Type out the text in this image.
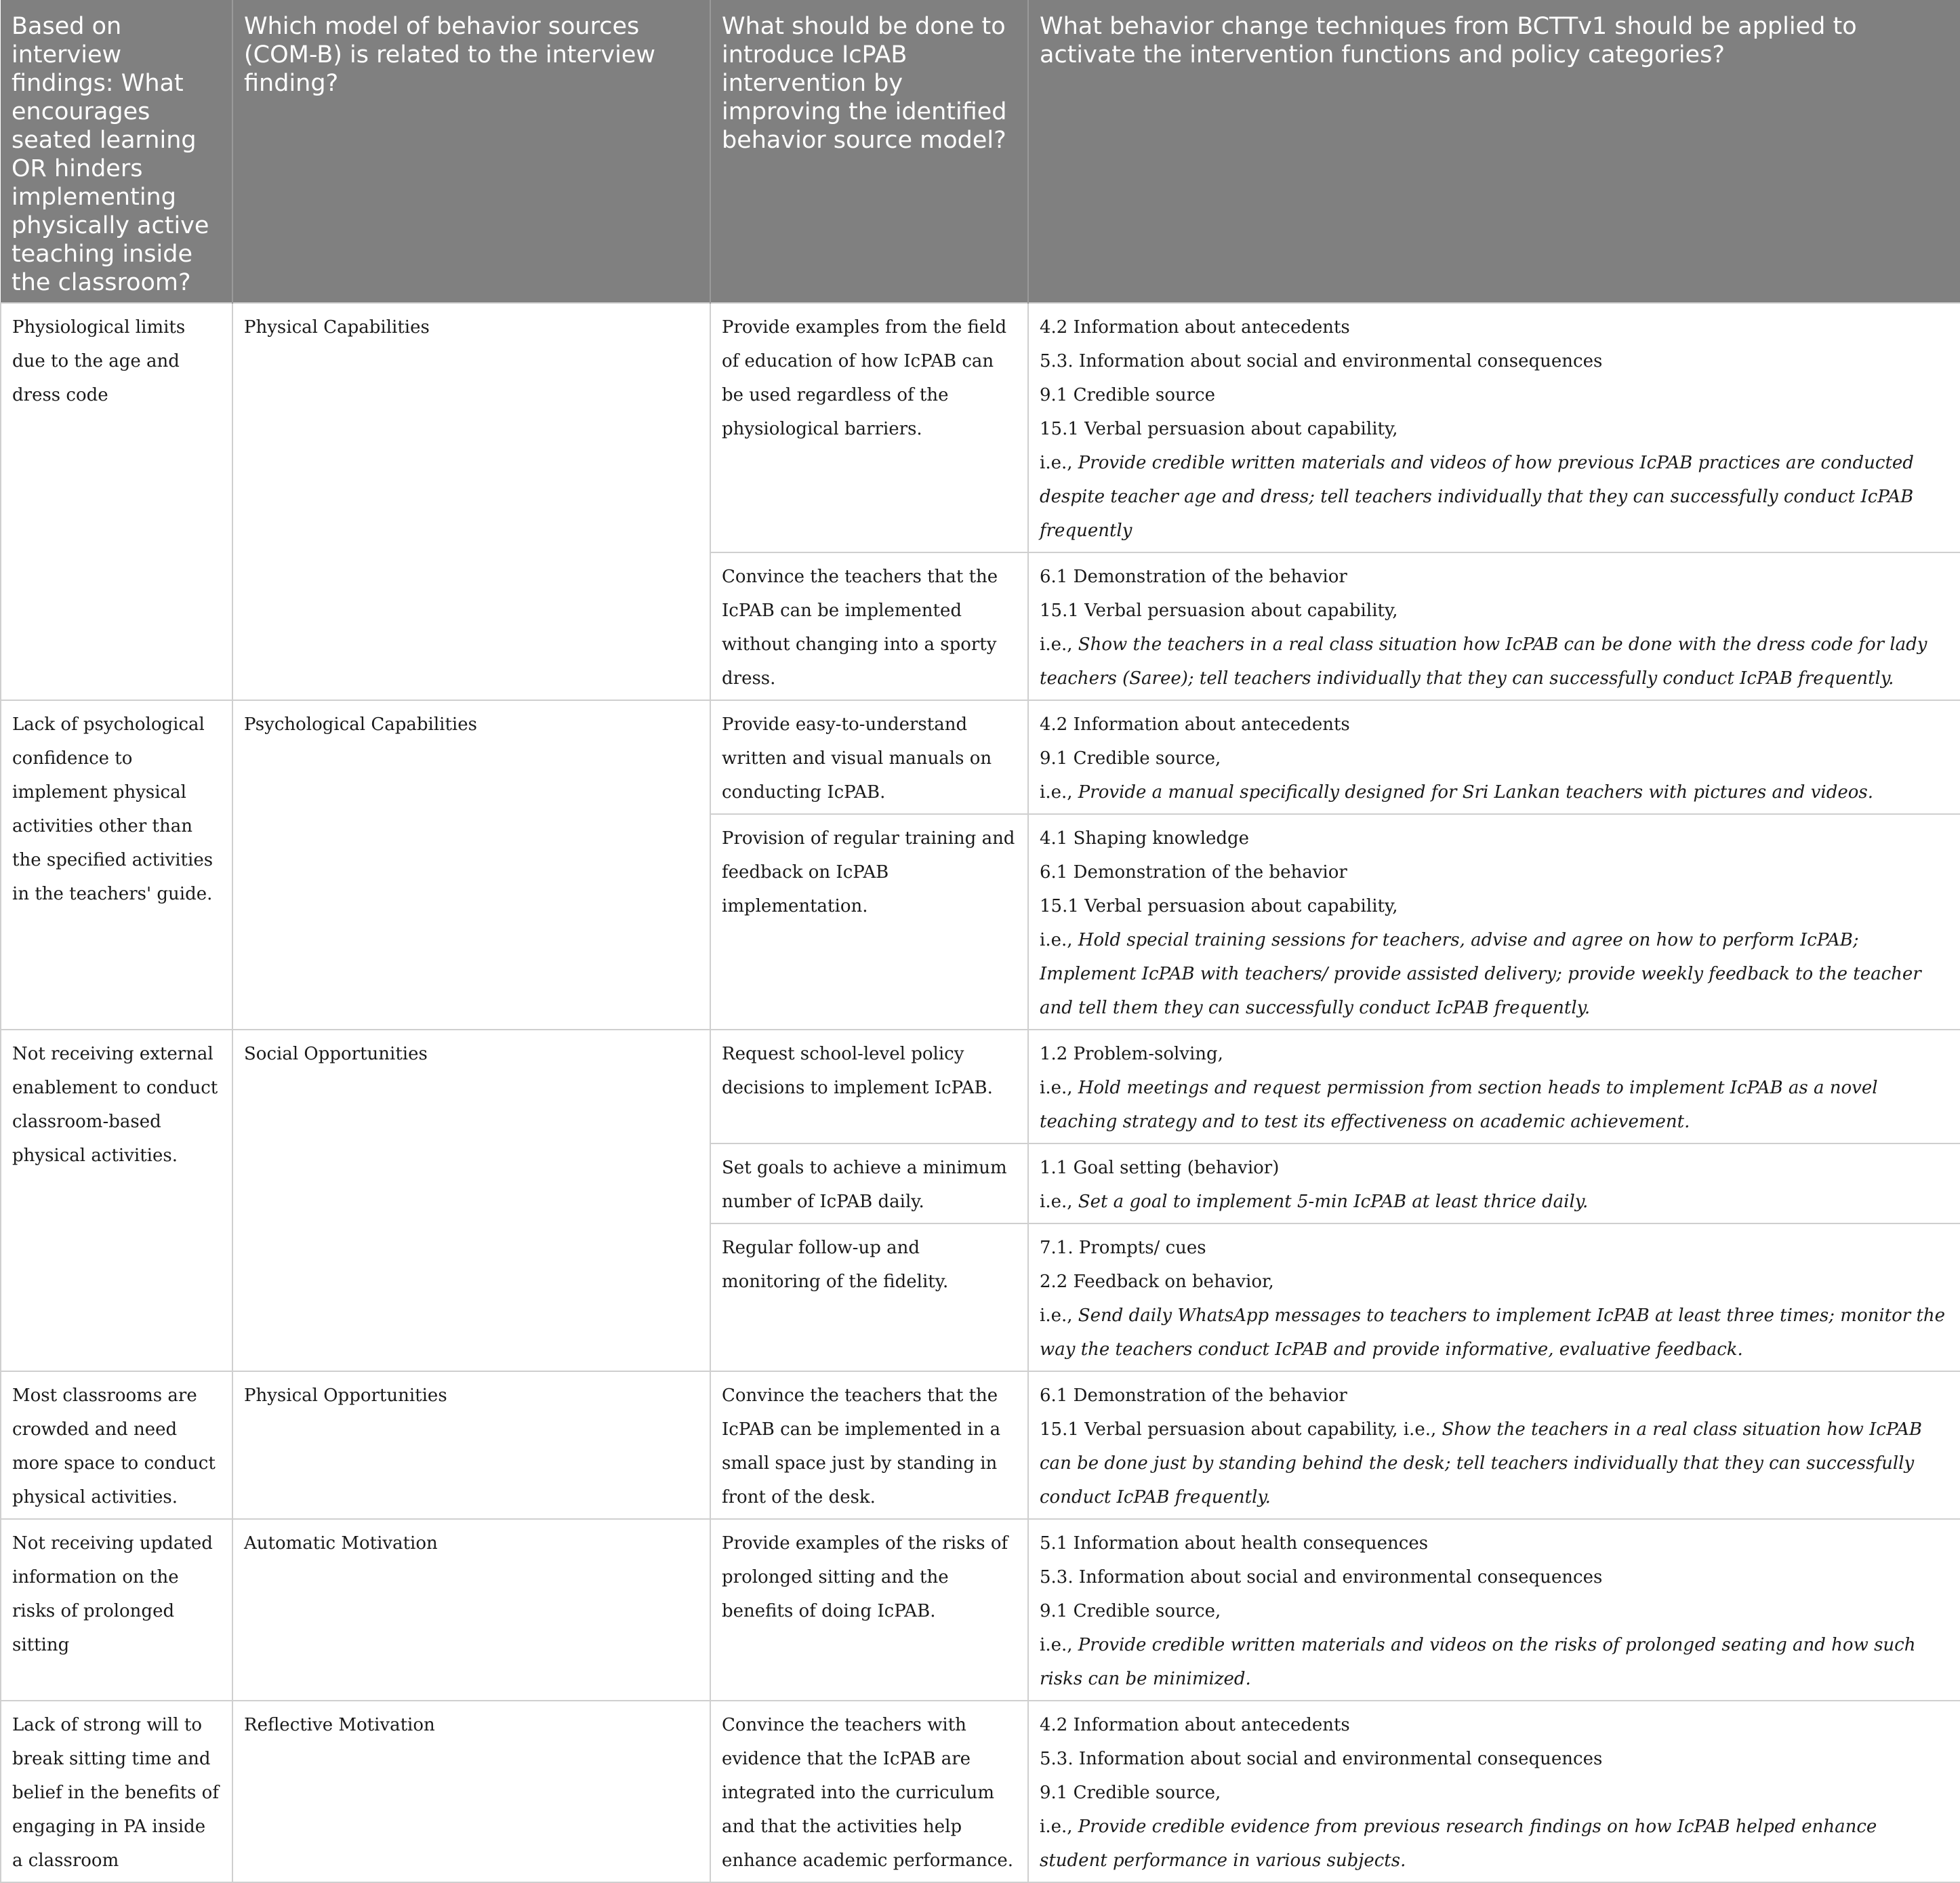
Based on interview findings: What encourages seated learning OR hinders implementing physically active teaching inside the classroom?	Which model of behavior sources (COM-B) is related to the interview finding?	What should be done to introduce IcPAB intervention by improving the identified behavior source model?	What behavior change techniques from BCTTv1 should be applied to activate the intervention functions and policy categories?
Physiological limits due to the age and dress code	Physical Capabilities	Provide examples from the field of education of how IcPAB can be used regardless of the physiological barriers.	4.2 Information about antecedents
5.3. Information about social and environmental consequences
9.1 Credible source
15.1 Verbal persuasion about capability,
i.e., Provide credible written materials and videos of how previous IcPAB practices are conducted despite teacher age and dress; tell teachers individually that they can successfully conduct IcPAB frequently

		Convince the teachers that the IcPAB can be implemented without changing into a sporty dress.	6.1 Demonstration of the behavior
15.1 Verbal persuasion about capability,
i.e., Show the teachers in a real class situation how IcPAB can be done with the dress code for lady teachers (Saree); tell teachers individually that they can successfully conduct IcPAB frequently.

Lack of psychological confidence to implement physical activities other than the specified activities in the teachers' guide.	Psychological Capabilities	Provide easy-to-understand written and visual manuals on conducting IcPAB.	4.2 Information about antecedents
9.1 Credible source,
i.e., Provide a manual specifically designed for Sri Lankan teachers with pictures and videos.

		Provision of regular training and feedback on IcPAB implementation.	4.1 Shaping knowledge
6.1 Demonstration of the behavior
15.1 Verbal persuasion about capability,
i.e., Hold special training sessions for teachers, advise and agree on how to perform IcPAB; Implement IcPAB with teachers/ provide assisted delivery; provide weekly feedback to the teacher and tell them they can successfully conduct IcPAB frequently.

Not receiving external enablement to conduct classroom-based physical activities.	Social Opportunities	Request school-level policy decisions to implement IcPAB.	1.2 Problem-solving,
i.e., Hold meetings and request permission from section heads to implement IcPAB as a novel teaching strategy and to test its effectiveness on academic achievement.

		Set goals to achieve a minimum number of IcPAB daily.	1.1 Goal setting (behavior)
i.e., Set a goal to implement 5-min IcPAB at least thrice daily.

		Regular follow-up and monitoring of the fidelity.	7.1. Prompts/ cues
2.2 Feedback on behavior,
i.e., Send daily WhatsApp messages to teachers to implement IcPAB at least three times; monitor the way the teachers conduct IcPAB and provide informative, evaluative feedback.

Most classrooms are crowded and need more space to conduct physical activities.	Physical Opportunities	Convince the teachers that the IcPAB can be implemented in a small space just by standing in front of the desk.	6.1 Demonstration of the behavior
15.1 Verbal persuasion about capability, i.e., Show the teachers in a real class situation how IcPAB can be done just by standing behind the desk; tell teachers individually that they can successfully conduct IcPAB frequently.

Not receiving updated information on the risks of prolonged sitting	Automatic Motivation	Provide examples of the risks of prolonged sitting and the benefits of doing IcPAB.	5.1 Information about health consequences
5.3. Information about social and environmental consequences
9.1 Credible source,
i.e., Provide credible written materials and videos on the risks of prolonged seating and how such risks can be minimized.

Lack of strong will to break sitting time and belief in the benefits of engaging in PA inside a classroom	Reflective Motivation	Convince the teachers with evidence that the IcPAB are integrated into the curriculum and that the activities help enhance academic performance.	4.2 Information about antecedents
5.3. Information about social and environmental consequences
9.1 Credible source,
i.e., Provide credible evidence from previous research findings on how IcPAB helped enhance student performance in various subjects.
